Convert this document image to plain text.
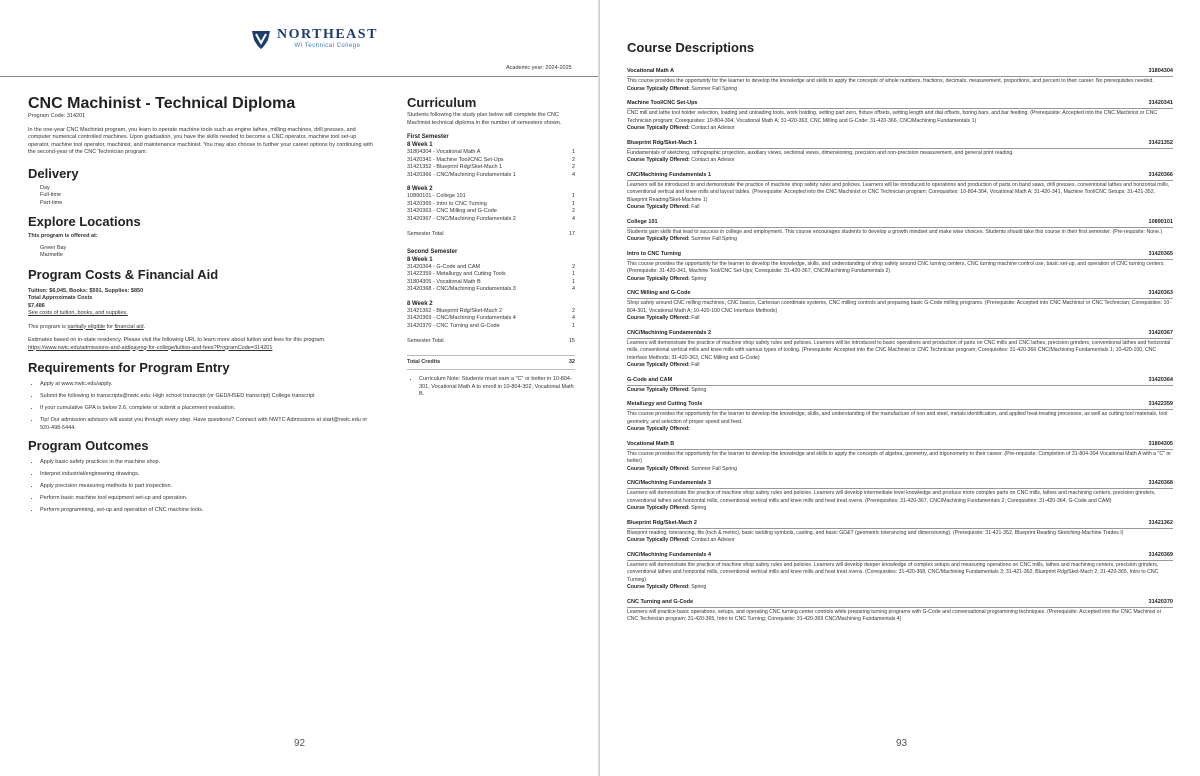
NORTHEAST
WI Technical College
Academic year: 2024-2025
CNC Machinist - Technical Diploma
Program Code: 314201
In the one-year CNC Machinist program, you learn to operate machine tools such as engine lathes, milling machines, drill presses, and computer numerical controlled machines. Upon graduation, you have the skills needed to become a CNC operator, machine tool set-up operator, machine tool operator, machinist, and maintenance machinist. You may also choose to further your career options by continuing with the second-year of the CNC Technician program.
Delivery
Day
Full-time
Part-time
Explore Locations
This program is offered at:
Green Bay
Marinette
Program Costs & Financial Aid
Tuition: $6,045, Books: $591, Supplies: $850
Total Approximate Costs
$7,486
See costs of tuition, books, and supplies.
This program is partially eligible for financial aid.
Estimates based on in-state residency. Please visit the following URL to learn more about tuition and fees for this program.
https://www.nwtc.edu/admissions-and-aid/paying-for-college/tuition-and-fees?ProgramCode=314201
Requirements for Program Entry
• Apply at www.nwtc.edu/apply.
• Submit the following to transcripts@nwtc.edu: High school transcript (or GED/HSED transcript) College transcript
• If your cumulative GPA is below 2.6, complete or submit a placement evaluation.
• Tip! Our admission advisors will assist you through every step. Have questions? Connect with NWTC Admissions at start@nwtc.edu or 920-498-5444.
Program Outcomes
• Apply basic safety practices in the machine shop.
• Interpret industrial/engineering drawings.
• Apply precision measuring methods to part inspection.
• Perform basic machine tool equipment set-up and operation.
• Perform programming, set-up and operation of CNC machine tools.
Curriculum
Students following the study plan below will complete the CNC Machinist technical diploma in the number of semesters shown.
First Semester
8 Week 1
31804304 - Vocational Math A	1
31420341 - Machine Tool/CNC Set-Ups	2
31421352 - Blueprint Rdg/Sket-Mach 1	2
31420366 - CNC/Machining Fundamentals 1	4
8 Week 2
10890101 - College 101	1
31420365 - Intro to CNC Turning	1
31420363 - CNC Milling and G-Code	2
31420367 - CNC/Machining Fundamentals 2	4
Semester Total	17
Second Semester
8 Week 1
31420364 - G-Code and CAM	2
31422359 - Metallurgy and Cutting Tools	1
31804305 - Vocational Math B	1
31420368 - CNC/Machining Fundamentals 3	4
8 Week 2
31421362 - Blueprint Rdg/Sket-Mach 2	2
31420369 - CNC/Machining Fundamentals 4	4
31420370 - CNC Turning and G-Code	1
Semester Total	15
Total Credits	32
• Curriculum Note: Students must earn a "C" or better in 10-804-301, Vocational Math A to enroll in 10-804-302, Vocational Math B.
92
Course Descriptions
Vocational Math A	31804304
This course provides the opportunity for the learner to develop the knowledge and skills to apply the concepts of whole numbers, fractions, decimals, measurement, proportions, and percent to their career. No prerequisites needed.
Course Typically Offered: Summer Fall Spring
Machine Tool/CNC Set-Ups	31420341
CNC mill and lathe tool holder selection, loading and unloading tools, work holding, setting part zero, fixture offsets, setting length and dial offsets, boring bars, and bar feeding. (Prerequisite: Accepted into the CNC Machinist or CNC Technician program; Corequisites: 10-804-304, Vocational Math A; 31-420-363, CNC Milling and G-Code; 31-420-366, CNC/Machining Fundamentals 1)
Course Typically Offered: Contact an Advisor
Blueprint Rdg/Sket-Mach 1	31421352
Fundamentals of sketching, orthographic projection, auxiliary views, sectional views, dimensioning, precision and non-precision measurement, and general print reading.
Course Typically Offered: Contact an Advisor
CNC/Machining Fundamentals 1	31420366
Learners will be introduced to and demonstrate the practice of machine shop safety rules and policies. Learners will be introduced to operations and production of parts on band saws, drill presses, conventional lathes and horizontal mills, conventional vertical and knee mills and layout tables. (Prerequisite: Accepted into the CNC Machinist or CNC Technician program; Corequisites: 10-804-304, Vocational Math A; 31-420-341, Machine Tool/CNC Setups; 31-421-352, Blueprint Reading/Sket-Machine 1)
Course Typically Offered: Fall
College 101	10890101
Students gain skills that lead to success in college and employment. This course encourages students to develop a growth mindset and make wise choices. Students should take this course in their first semester. (Pre-requisite: None.)
Course Typically Offered: Summer Fall Spring
Intro to CNC Turning	31420365
This course provides the opportunity for the learner to develop the knowledge, skills, and understanding of shop safety around CNC turning centers, CNC turning machine control use, basic set-up, and operation of CNC turning centers. (Prerequisite: 31-420-341, Machine Tool/CNC Set-Ups; Corequisite: 31-420-367, CNC/Machining Fundamentals 2)
Course Typically Offered: Spring
CNC Milling and G-Code	31420363
Shop safety around CNC milling machines, CNC basics, Cartesian coordinate systems, CNC milling controls and preparing basic G-Code milling programs. (Prerequisite: Accepted into CNC Machinist or CNC Technician; Corequisites: 10-804-301, Vocational Math A; 10-420-100 CNC Interface Methods)
Course Typically Offered: Fall
CNC/Machining Fundamentals 2	31420367
Learners will demonstrate the practice of machine shop safety rules and policies. Learners will be introduced to basic operations and production of parts on CNC mills and CNC lathes, precision grinders, conventional lathes and horizontal mills, conventional vertical mills and knee mills with various types of tooling. (Prerequisite: Accepted into the CNC Machinist or CNC Technician program; Corequisites: 31-420-366 CNC/Machining Fundamentals 1; 10-420-100, CNC Interface Methods; 31-420-363, CNC Milling and G-Code)
Course Typically Offered: Fall
G-Code and CAM	31420364
Course Typically Offered: Spring
Metallurgy and Cutting Tools	31422359
This course provides the opportunity for the learner to develop the knowledge, skills, and understanding of the manufacture of iron and steel, metals identification, and applied heat-treating processes, as well as cutting tool materials, tool geometry, and selection of proper speed and feed.
Course Typically Offered:
Vocational Math B	31804305
This course provides the opportunity for the learner to develop the knowledge and skills to apply the concepts of algebra, geometry, and trigonometry to their career. (Pre-requisite: Completion of 31-804-304 Vocational Math A with a "C" or better)
Course Typically Offered: Summer Fall Spring
CNC/Machining Fundamentals 3	31420368
Learners will demonstrate the practice of machine shop safety rules and policies. Learners will develop intermediate level knowledge and produce more complex parts on CNC mills, lathes and machining centers, precision grinders, conventional lathes and horizontal mills, conventional vertical mills and knee mills and heat treat ovens. (Prerequisites: 31-420-367, CNC/Machining Fundamentals 2; Corequisites: 31-420-364, G-Code and CAM)
Course Typically Offered: Spring
Blueprint Rdg/Sket-Mach 2	31421362
Blueprint reading, tolerancing, fits (inch & metric), basic welding symbols, casting, and basic GD&T (geometric tolerancing and dimensioning). (Prerequisite: 31-421-352, Blueprint Reading Sketching-Machine Trades I)
Course Typically Offered: Contact an Advisor
CNC/Machining Fundamentals 4	31420369
Learners will demonstrate the practice of machine shop safety rules and policies. Learners will develop deeper knowledge of complex setups and measuring operations on CNC mills, lathes and machining centers, precision grinders, conventional lathes and horizontal mills, conventional vertical mills and knee mills and heat treat ovens. (Corequisites: 31-420-368, CNC/Machining Fundamentals 3; 31-421-362, Blueprint Rdg/Sket-Mach 2; 31-420-365, Intro to CNC Turning)
Course Typically Offered: Spring
CNC Turning and G-Code	31420370
Learners will practice basic operations, setups, and operating CNC turning center controls while preparing turning programs with G-Code and conversational programming techniques. (Prerequisite: Accepted into the CNC Machinist or CNC Technician program; 31-420-365, Intro to CNC Turning; Corequisite: 31-420-369 CNC/Machining Fundamentals 4)
93
